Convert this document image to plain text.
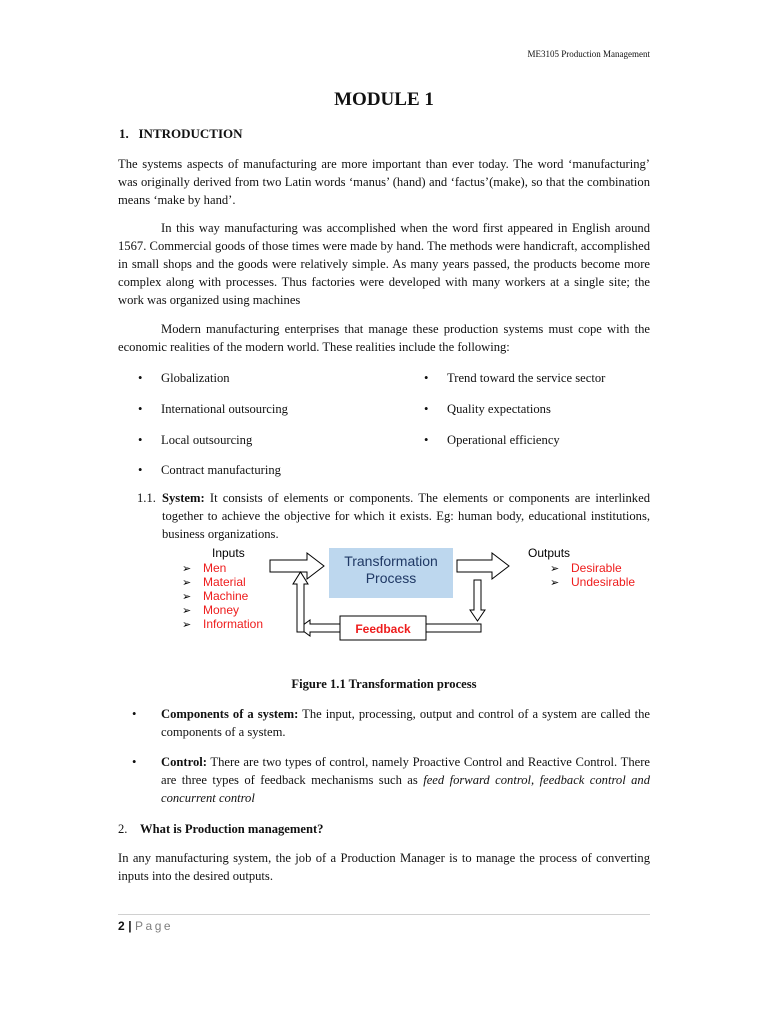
ME3105 Production Management
MODULE 1
1. INTRODUCTION
The systems aspects of manufacturing are more important than ever today. The word ‘manufacturing’ was originally derived from two Latin words ‘manus’ (hand) and ‘factus’(make), so that the combination means ‘make by hand’.
In this way manufacturing was accomplished when the word first appeared in English around 1567. Commercial goods of those times were made by hand. The methods were handicraft, accomplished in small shops and the goods were relatively simple. As many years passed, the products become more complex along with processes. Thus factories were developed with many workers at a single site; the work was organized using machines
Modern manufacturing enterprises that manage these production systems must cope with the economic realities of the modern world. These realities include the following:
• Globalization
• International outsourcing
• Local outsourcing
• Contract manufacturing
• Trend toward the service sector
• Quality expectations
• Operational efficiency
1.1. System: It consists of elements or components. The elements or components are interlinked together to achieve the objective for which it exists. Eg: human body, educational institutions, business organizations.
Inputs
➢ Men
➢ Material
➢ Machine
➢ Money
➢ Information
Transformation
Process
Outputs
➢ Desirable
➢ Undesirable
Feedback
Figure 1.1 Transformation process
• Components of a system: The input, processing, output and control of a system are called the components of a system.
• Control: There are two types of control, namely Proactive Control and Reactive Control. There are three types of feedback mechanisms such as feed forward control, feedback control and concurrent control
2. What is Production management?
In any manufacturing system, the job of a Production Manager is to manage the process of converting inputs into the desired outputs.
2 | Page
